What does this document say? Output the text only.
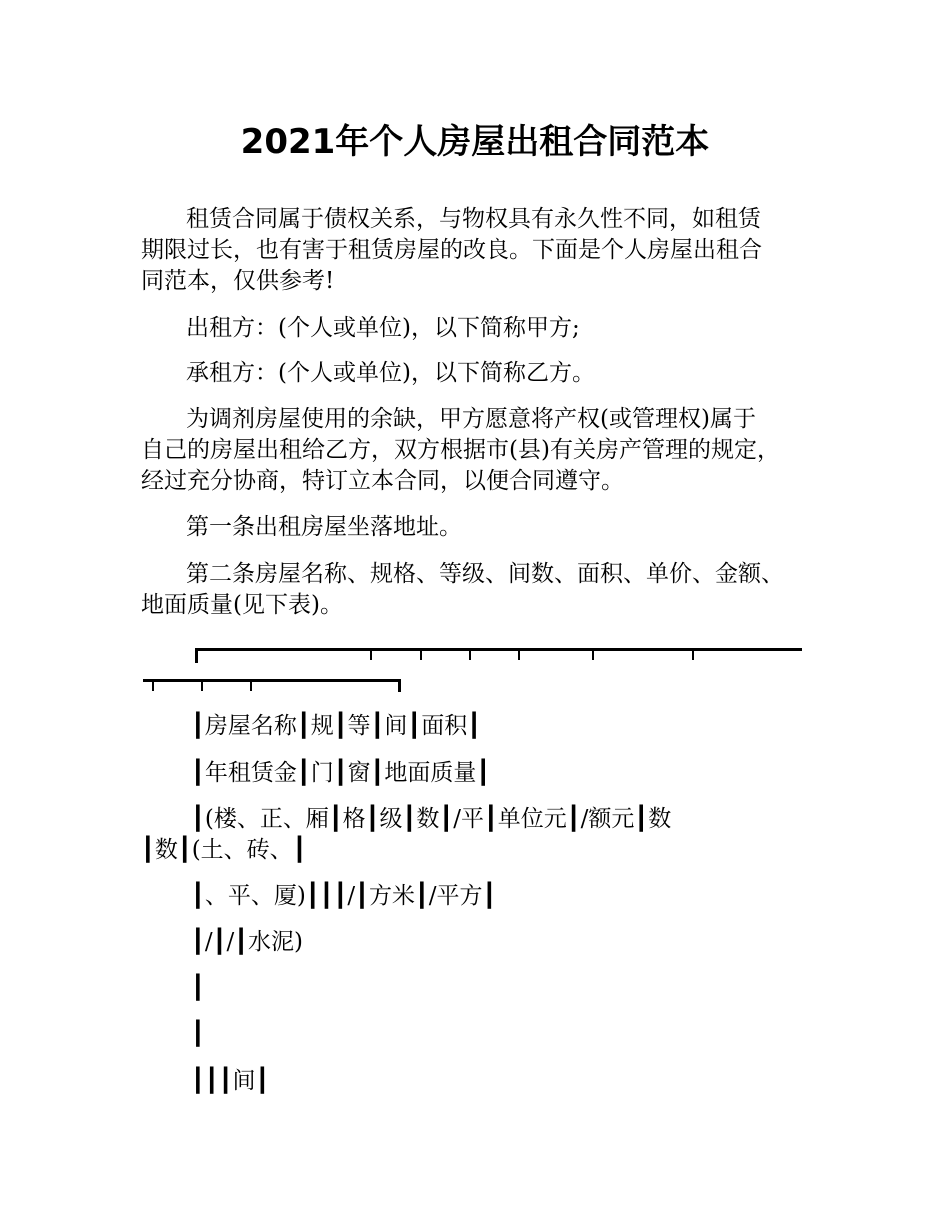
2021年个人房屋出租合同范本

租赁合同属于债权关系，与物权具有永久性不同，如租赁
期限过长，也有害于租赁房屋的改良。下面是个人房屋出租合
同范本，仅供参考!

出租方：(个人或单位)，以下简称甲方;

承租方：(个人或单位)，以下简称乙方。

为调剂房屋使用的余缺，甲方愿意将产权(或管理权)属于
自己的房屋出租给乙方，双方根据市(县)有关房产管理的规定，
经过充分协商，特订立本合同，以便合同遵守。

第一条出租房屋坐落地址。

第二条房屋名称、规格、等级、间数、面积、单价、金额、
地面质量(见下表)。

┃房屋名称┃规┃等┃间┃面积┃

┃年租赁金┃门┃窗┃地面质量┃

┃(楼、正、厢┃格┃级┃数┃/平┃单位元┃/额元┃数
┃数┃(土、砖、┃

┃、平、厦)┃┃┃/┃方米┃/平方┃

┃/┃/┃水泥)

┃

┃

┃┃┃间┃
